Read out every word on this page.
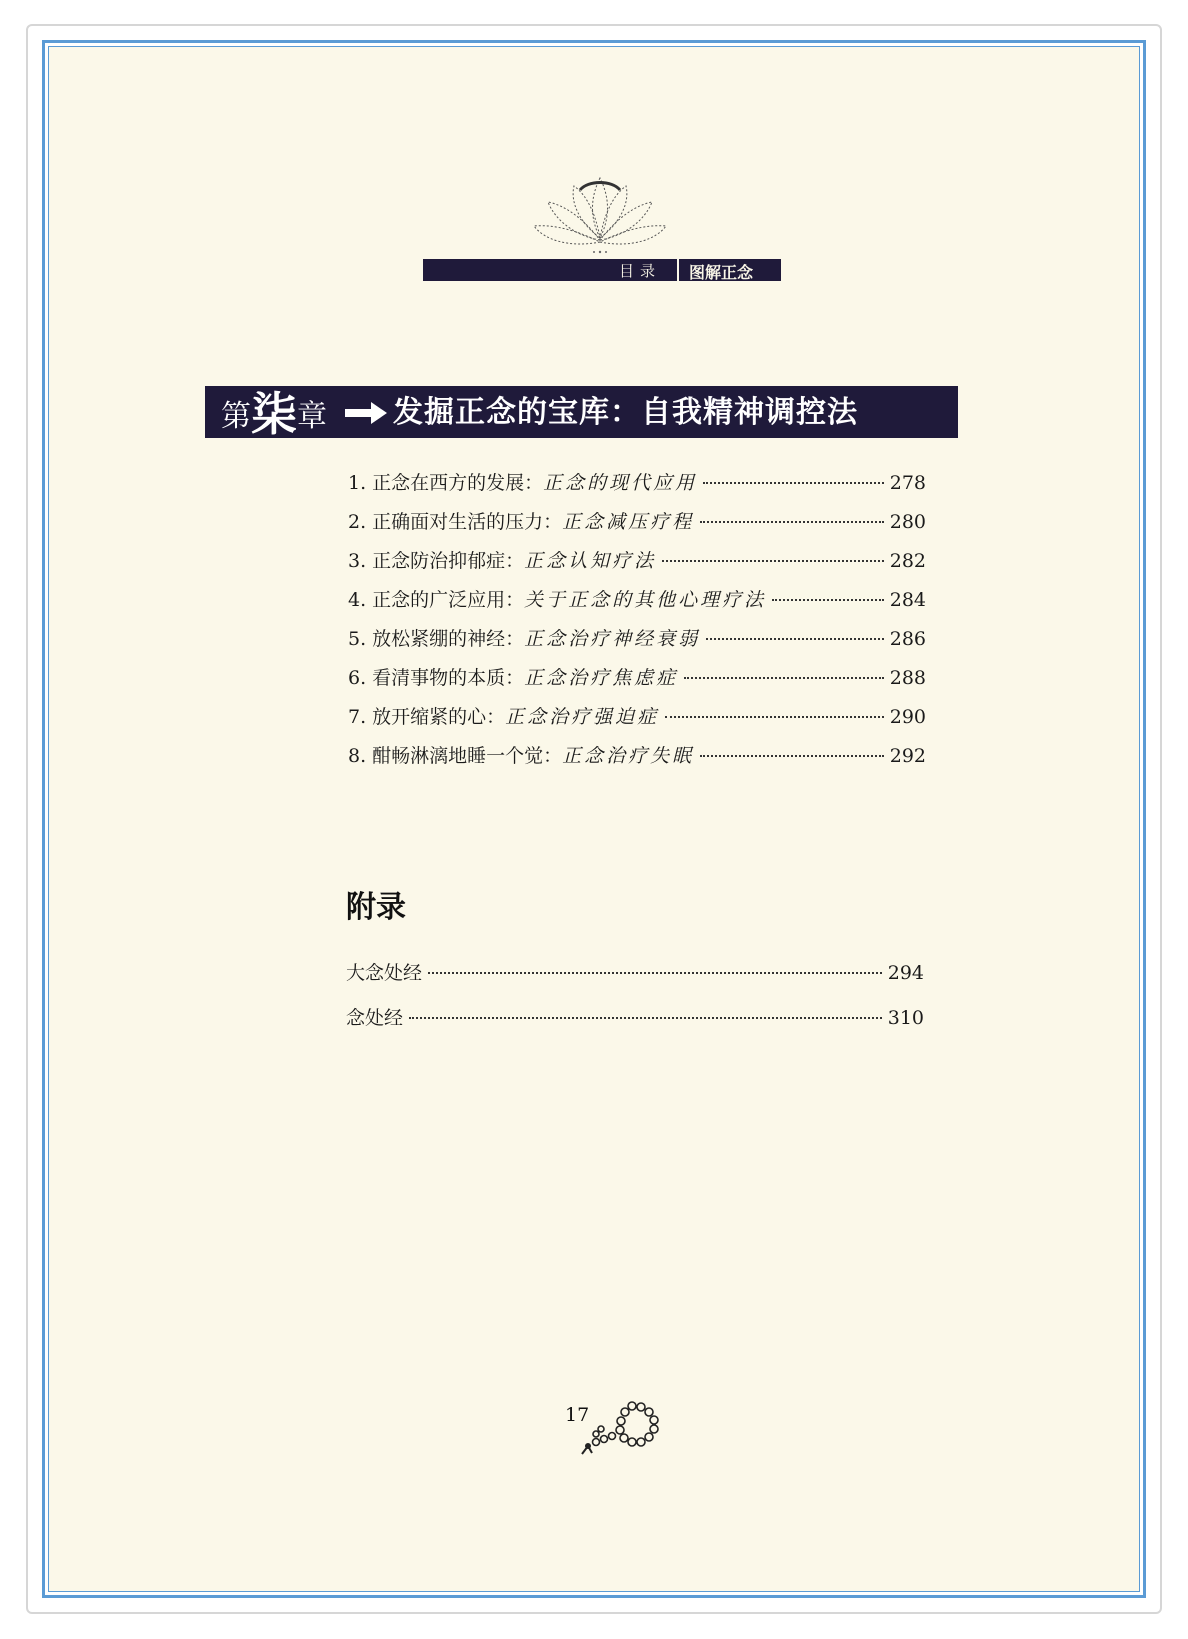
目录 图解正念
第柒章 发掘正念的宝库：自我精神调控法
1. 正念在西方的发展： 正念的现代应用	278
2. 正确面对生活的压力： 正念减压疗程	280
3. 正念防治抑郁症： 正念认知疗法	282
4. 正念的广泛应用： 关于正念的其他心理疗法	284
5. 放松紧绷的神经： 正念治疗神经衰弱	286
6. 看清事物的本质： 正念治疗焦虑症	288
7. 放开缩紧的心： 正念治疗强迫症	290
8. 酣畅淋漓地睡一个觉： 正念治疗失眠	292
附录
大念处经	294
念处经	310
17
